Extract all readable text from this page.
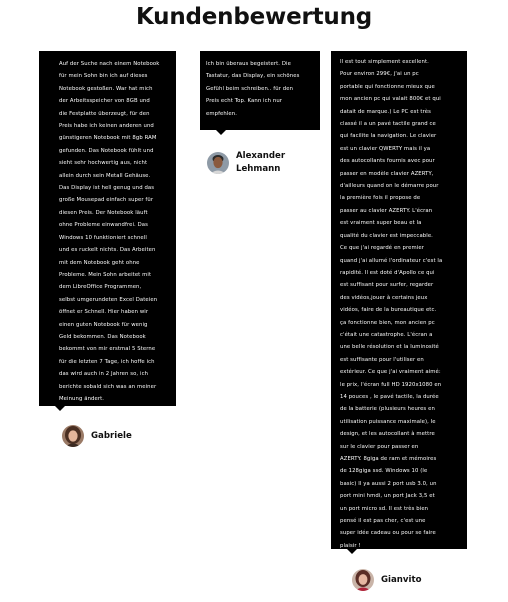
Kundenbewertung

Auf der Suche nach einem Notebook
für mein Sohn bin ich auf dieses
Notebook gestoßen. War hat mich
der Arbeitsspeicher von 8GB und
die Festplatte überzeugt, für den
Preis habe ich keinen anderen und
günstigeren Notebook mit 8gb RAM
gefunden. Das Notebook fühlt und
sieht sehr hochwertig aus, nicht
allein durch sein Metall Gehäuse.
Das Display ist hell genug und das
große Mousepad einfach super für
diesen Preis. Der Notebook läuft
ohne Probleme einwandfrei. Das
Windows 10 funktioniert schnell
und es ruckelt nichts. Das Arbeiten
mit dem Notebook geht ohne
Probleme. Mein Sohn arbeitet mit
dem LibreOffice Programmen,
selbst umgerundeten Excel Dateien
öffnet er Schnell. Hier haben wir
einen guten Notebook für wenig
Geld bekommen. Das Notebook
bekommt von mir erstmal 5 Sterne
für die letzten 7 Tage, ich hoffe ich
das wird auch in 2 Jahren so, ich
berichte sobald sich was an meiner
Meinung ändert.

Gabriele

Ich bin überaus begeistert. Die
Tastatur, das Display, ein schönes
Gefühl beim schreiben.. für den
Preis echt Top. Kann ich nur
empfehlen.

Alexander
Lehmann

Il est tout simplement excellent.
Pour environ 299€, j'ai un pc
portable qui fonctionne mieux que
mon ancien pc qui valait 800€ et qui
datait de marque.) Le PC est très
classé il a un pavé tactile grand ce
qui facilite la navigation. Le clavier
est un clavier QWERTY mais il ya
des autocollants fournis avec pour
passer en modèle clavier AZERTY,
d'ailleurs quand on le démarre pour
la première fois il propose de
passer au clavier AZERTY. L'écran
est vraiment super beau et la
qualité du clavier est impeccable.
Ce que j'ai regardé en premier
quand j'ai allumé l'ordinateur c'est la
rapidité. Il est doté d'Apollo ce qui
est suffisant pour surfer, regarder
des vidéos,jouer à certains jeux
vidéos, faire de la bureautique etc.
ça fonctionne bien, mon ancien pc
c'était une catastrophe. L'écran a
une belle résolution et la luminosité
est suffisante pour l'utiliser en
extérieur. Ce que j'ai vraiment aimé:
le prix, l'écran full HD 1920x1080 en
14 pouces , le pavé tactile, la durée
de la batterie (plusieurs heures en
utilisation puissance maximale), le
design, et les autocollant à mettre
sur le clavier pour passer en
AZERTY. 8giga de ram et mémoires
de 128giga ssd. Windows 10 (le
basic) Il ya aussi 2 port usb 3.0, un
port mini hmdi, un port Jack 3,5 et
un port micro sd. Il est très bien
pensé il est pas cher, c'est une
super idée cadeau ou pour se faire
plaisir !

Gianvito
